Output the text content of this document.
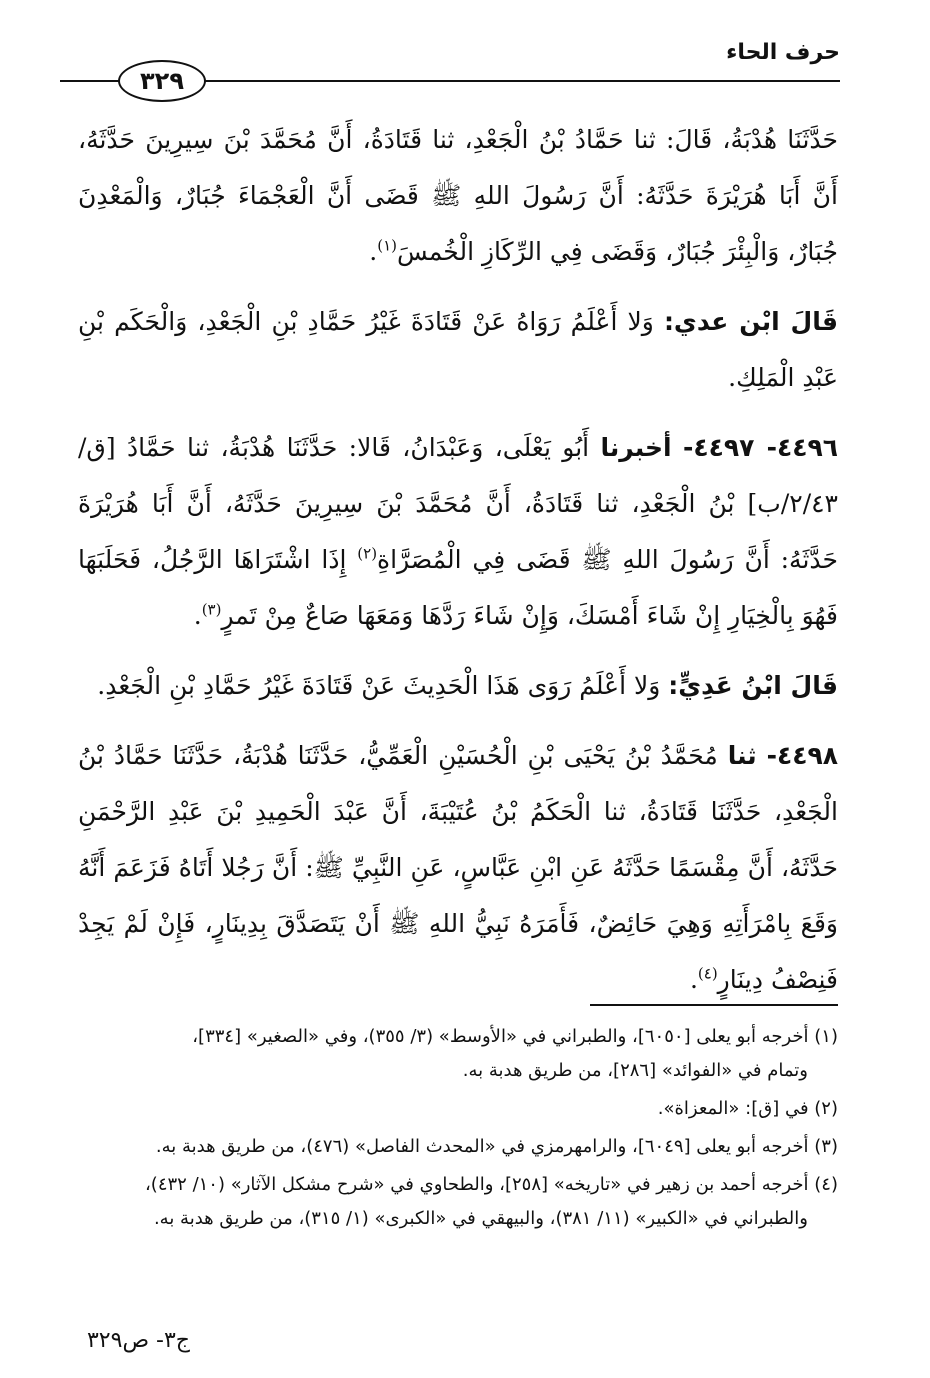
حرف الحاء
٣٢٩

حَدَّثَنَا هُدْبَةُ، قَالَ: ثنا حَمَّادُ بْنُ الْجَعْدِ، ثنا قَتَادَةُ، أَنَّ مُحَمَّدَ بْنَ سِيرِينَ حَدَّثَهُ، أَنَّ أَبَا هُرَيْرَةَ حَدَّثَهُ: أَنَّ رَسُولَ اللهِ ﷺ قَضَى أَنَّ الْعَجْمَاءَ جُبَارٌ، وَالْمَعْدِنَ جُبَارٌ، وَالْبِئْرَ جُبَارٌ، وَقَضَى فِي الرِّكَازِ الْخُمسَ$^{(١)}$.

قَالَ ابْن عدي: وَلا أَعْلَمُ رَوَاهُ عَنْ قَتَادَةَ غَيْرُ حَمَّادِ بْنِ الْجَعْدِ، وَالْحَكَم بْنِ عَبْدِ الْمَلِكِ.

٤٤٩٦- ٤٤٩٧- أخبرنا أَبُو يَعْلَى، وَعَبْدَانُ، قَالا: حَدَّثَنَا هُدْبَةُ، ثنا حَمَّادُ [ق/٢/٤٣/ب] بْنُ الْجَعْدِ، ثنا قَتَادَةُ، أَنَّ مُحَمَّدَ بْنَ سِيرِينَ حَدَّثَهُ، أَنَّ أَبَا هُرَيْرَةَ حَدَّثَهُ: أَنَّ رَسُولَ اللهِ ﷺ قَضَى فِي الْمُصَرَّاةِ$^{(٢)}$ إِذَا اشْتَرَاهَا الرَّجُلُ، فَحَلَبَهَا فَهُوَ بِالْخِيَارِ إِنْ شَاءَ أَمْسَكَ، وَإِنْ شَاءَ رَدَّهَا وَمَعَهَا صَاعٌ مِنْ تَمرٍ$^{(٣)}$.

قَالَ ابْنُ عَدِيٍّ: وَلا أَعْلَمُ رَوَى هَذَا الْحَدِيثَ عَنْ قَتَادَةَ غَيْرُ حَمَّادِ بْنِ الْجَعْدِ.

٤٤٩٨- ثنا مُحَمَّدُ بْنُ يَحْيَى بْنِ الْحُسَيْنِ الْعَمِّيُّ، حَدَّثَنَا هُدْبَةُ، حَدَّثَنَا حَمَّادُ بْنُ الْجَعْدِ، حَدَّثَنَا قَتَادَةُ، ثنا الْحَكَمُ بْنُ عُتَيْبَةَ، أَنَّ عَبْدَ الْحَمِيدِ بْنَ عَبْدِ الرَّحْمَنِ حَدَّثَهُ، أَنَّ مِقْسَمًا حَدَّثَهُ عَنِ ابْنِ عَبَّاسٍ، عَنِ النَّبِيِّ ﷺ: أَنَّ رَجُلا أَتَاهُ فَزَعَمَ أَنَّهُ وَقَعَ بِامْرَأَتِهِ وَهِيَ حَائِضٌ، فَأَمَرَهُ نَبِيُّ اللهِ ﷺ أَنْ يَتَصَدَّقَ بِدِينَارٍ، فَإِنْ لَمْ يَجِدْ فَنِصْفُ دِينَارٍ$^{(٤)}$.

(١) أخرجه أبو يعلى [٦٠٥٠]، والطبراني في «الأوسط» (٣/ ٣٥٥)، وفي «الصغير» [٣٣٤]،
وتمام في «الفوائد» [٢٨٦]، من طريق هدبة به.
(٢) في [ق]: «المعزاة».
(٣) أخرجه أبو يعلى [٦٠٤٩]، والرامهرمزي في «المحدث الفاصل» (٤٧٦)، من طريق هدبة به.
(٤) أخرجه أحمد بن زهير في «تاريخه» [٢٥٨]، والطحاوي في «شرح مشكل الآثار» (١٠/ ٤٣٢)،
والطبراني في «الكبير» (١١/ ٣٨١)، والبيهقي في «الكبرى» (١/ ٣١٥)، من طريق هدبة به.
ج٣- ص٣٢٩
